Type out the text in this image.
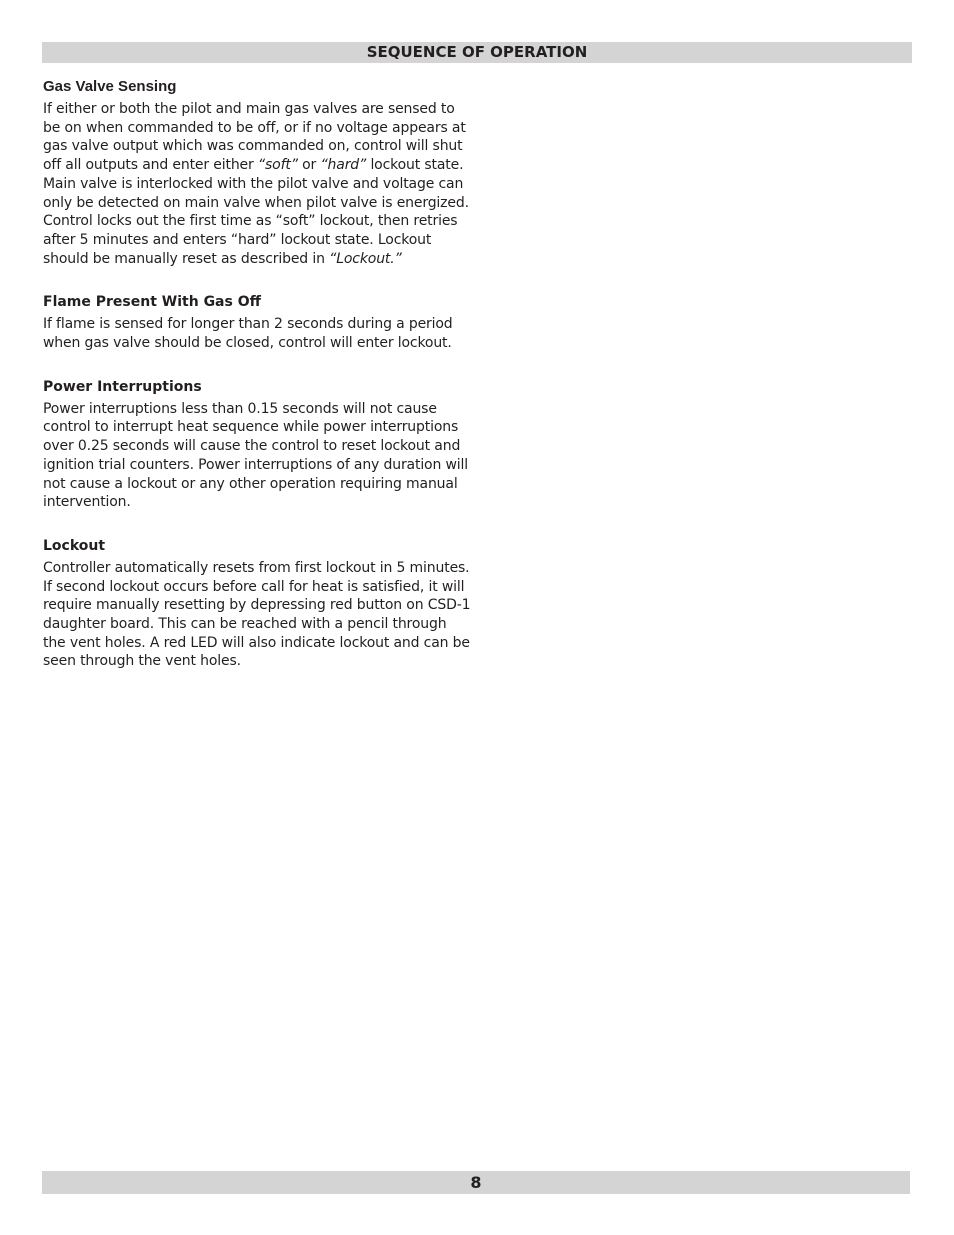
SEQUENCE OF OPERATION
Gas Valve Sensing

If either or both the pilot and main gas valves are sensed to be on when commanded to be off, or if no voltage appears at gas valve output which was commanded on, control will shut off all outputs and enter either “soft” or “hard” lockout state. Main valve is interlocked with the pilot valve and voltage can only be detected on main valve when pilot valve is energized. Control locks out the first time as “soft” lockout, then retries after 5 minutes and enters “hard” lockout state. Lockout should be manually reset as described in “Lockout.”

Flame Present With Gas Off

If flame is sensed for longer than 2 seconds during a period when gas valve should be closed, control will enter lockout.

Power Interruptions

Power interruptions less than 0.15 seconds will not cause control to interrupt heat sequence while power interruptions over 0.25 seconds will cause the control to reset lockout and ignition trial counters. Power interruptions of any duration will not cause a lockout or any other operation requiring manual intervention.

Lockout

Controller automatically resets from first lockout in 5 minutes. If second lockout occurs before call for heat is satisfied, it will require manually resetting by depressing red button on CSD-1 daughter board. This can be reached with a pencil through the vent holes. A red LED will also indicate lockout and can be seen through the vent holes.

8
